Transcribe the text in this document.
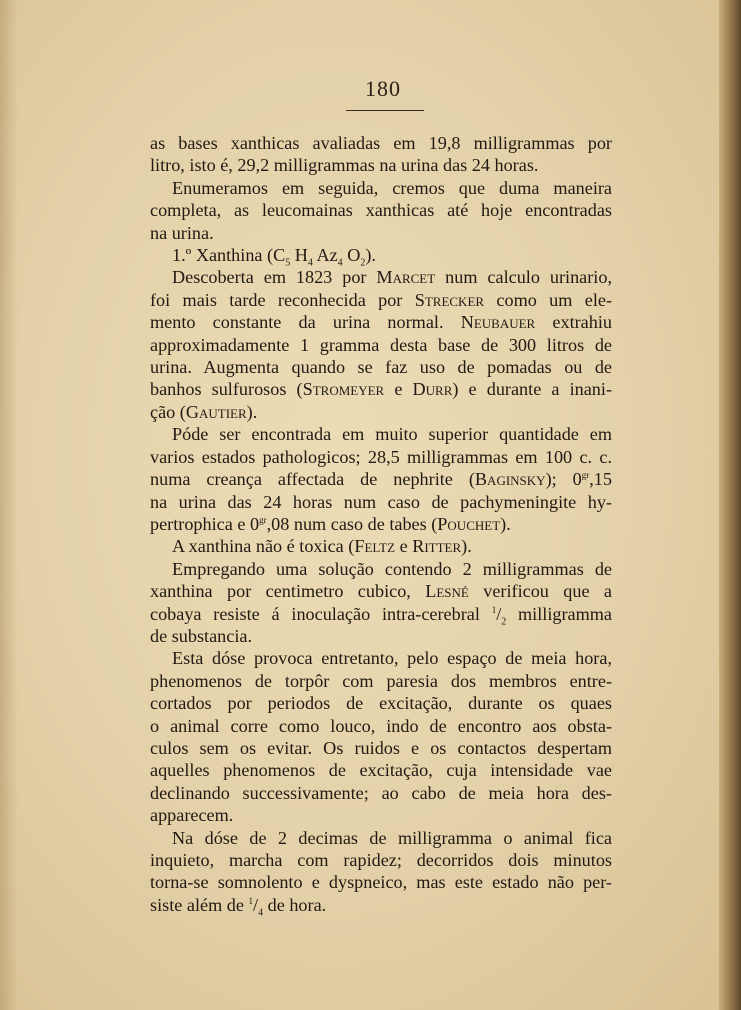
180
as bases xanthicas avaliadas em 19,8 milligrammas por
litro, isto é, 29,2 milligrammas na urina das 24 horas.
Enumeramos em seguida, cremos que duma maneira
completa, as leucomainas xanthicas até hoje encontradas
na urina.
1.º Xanthina ($C_5$ $H_4$ $Az_4$ $O_2$).
Descoberta em 1823 por Marcet num calculo urinario,
foi mais tarde reconhecida por Strecker como um ele-
mento constante da urina normal. Neubauer extrahiu
approximadamente 1 gramma desta base de 300 litros de
urina. Augmenta quando se faz uso de pomadas ou de
banhos sulfurosos (Stromeyer e Durr) e durante a inani-
ção (Gautier).
Póde ser encontrada em muito superior quantidade em
varios estados pathologicos; 28,5 milligrammas em 100 c. c.
numa creança affectada de nephrite (Baginsky); $0^{gr},15$
na urina das 24 horas num caso de pachymeningite hy-
pertrophica e $0^{gr},08$ num caso de tabes (Pouchet).
A xanthina não é toxica (Feltz e Ritter).
Empregando uma solução contendo 2 milligrammas de
xanthina por centimetro cubico, Lesné verificou que a
cobaya resiste á inoculação intra-cerebral $^1/_2$ milligramma
de substancia.
Esta dóse provoca entretanto, pelo espaço de meia hora,
phenomenos de torpôr com paresia dos membros entre-
cortados por periodos de excitação, durante os quaes
o animal corre como louco, indo de encontro aos obsta-
culos sem os evitar. Os ruidos e os contactos despertam
aquelles phenomenos de excitação, cuja intensidade vae
declinando successivamente; ao cabo de meia hora des-
apparecem.
Na dóse de 2 decimas de milligramma o animal fica
inquieto, marcha com rapidez; decorridos dois minutos
torna-se somnolento e dyspneico, mas este estado não per-
siste além de $^1/_4$ de hora.
